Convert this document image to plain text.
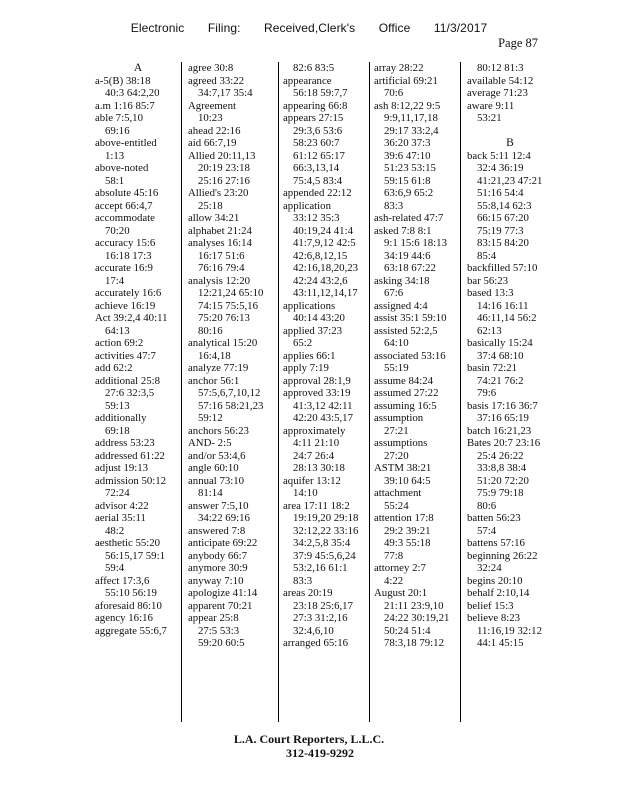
Electronic Filing: Received,Clerk's Office 11/3/2017
Page 87
A
a-5(B) 38:18
40:3 64:2,20
a.m 1:16 85:7
able 7:5,10
69:16
above-entitled
1:13
above-noted
58:1
absolute 45:16
accept 66:4,7
accommodate
70:20
accuracy 15:6
16:18 17:3
accurate 16:9
17:4
accurately 16:6
achieve 16:19
Act 39:2,4 40:11
64:13
action 69:2
activities 47:7
add 62:2
additional 25:8
27:6 32:3,5
59:13
additionally
69:18
address 53:23
addressed 61:22
adjust 19:13
admission 50:12
72:24
advisor 4:22
aerial 35:11
48:2
aesthetic 55:20
56:15,17 59:1
59:4
affect 17:3,6
55:10 56:19
aforesaid 86:10
agency 16:16
aggregate 55:6,7
agree 30:8
agreed 33:22
34:7,17 35:4
Agreement
10:23
ahead 22:16
aid 66:7,19
Allied 20:11,13
20:19 23:18
25:16 27:16
Allied's 23:20
25:18
allow 34:21
alphabet 21:24
analyses 16:14
16:17 51:6
76:16 79:4
analysis 12:20
12:21,24 65:10
74:15 75:5,16
75:20 76:13
80:16
analytical 15:20
16:4,18
analyze 77:19
anchor 56:1
57:5,6,7,10,12
57:16 58:21,23
59:12
anchors 56:23
AND- 2:5
and/or 53:4,6
angle 60:10
annual 73:10
81:14
answer 7:5,10
34:22 69:16
answered 7:8
anticipate 69:22
anybody 66:7
anymore 30:9
anyway 7:10
apologize 41:14
apparent 70:21
appear 25:8
27:5 53:3
59:20 60:5
82:6 83:5
appearance
56:18 59:7,7
appearing 66:8
appears 27:15
29:3,6 53:6
58:23 60:7
61:12 65:17
66:3,13,14
75:4,5 83:4
appended 22:12
application
33:12 35:3
40:19,24 41:4
41:7,9,12 42:5
42:6,8,12,15
42:16,18,20,23
42:24 43:2,6
43:11,12,14,17
applications
40:14 43:20
applied 37:23
65:2
applies 66:1
apply 7:19
approval 28:1,9
approved 33:19
41:3,12 42:11
42:20 43:5,17
approximately
4:11 21:10
24:7 26:4
28:13 30:18
aquifer 13:12
14:10
area 17:11 18:2
19:19,20 29:18
32:12,22 33:16
34:2,5,8 35:4
37:9 45:5,6,24
53:2,16 61:1
83:3
areas 20:19
23:18 25:6,17
27:3 31:2,16
32:4,6,10
arranged 65:16
array 28:22
artificial 69:21
70:6
ash 8:12,22 9:5
9:9,11,17,18
29:17 33:2,4
36:20 37:3
39:6 47:10
51:23 53:15
59:15 61:8
63:6,9 65:2
83:3
ash-related 47:7
asked 7:8 8:1
9:1 15:6 18:13
34:19 44:6
63:18 67:22
asking 34:18
67:6
assigned 4:4
assist 35:1 59:10
assisted 52:2,5
64:10
associated 53:16
55:19
assume 84:24
assumed 27:22
assuming 16:5
assumption
27:21
assumptions
27:20
ASTM 38:21
39:10 64:5
attachment
55:24
attention 17:8
29:2 39:21
49:3 55:18
77:8
attorney 2:7
4:22
August 20:1
21:11 23:9,10
24:22 30:19,21
50:24 51:4
78:3,18 79:12
80:12 81:3
available 54:12
average 71:23
aware 9:11
53:21

B
back 5:11 12:4
32:4 36:19
41:21,23 47:21
51:16 54:4
55:8,14 62:3
66:15 67:20
75:19 77:3
83:15 84:20
85:4
backfilled 57:10
bar 56:23
based 13:3
14:16 16:11
46:11,14 56:2
62:13
basically 15:24
37:4 68:10
basin 72:21
74:21 76:2
79:6
basis 17:16 36:7
37:16 65:19
batch 16:21,23
Bates 20:7 23:16
25:4 26:22
33:8,8 38:4
51:20 72:20
75:9 79:18
80:6
batten 56:23
57:4
battens 57:16
beginning 26:22
32:24
begins 20:10
behalf 2:10,14
belief 15:3
believe 8:23
11:16,19 32:12
44:1 45:15
L.A. Court Reporters, L.L.C.
312-419-9292
